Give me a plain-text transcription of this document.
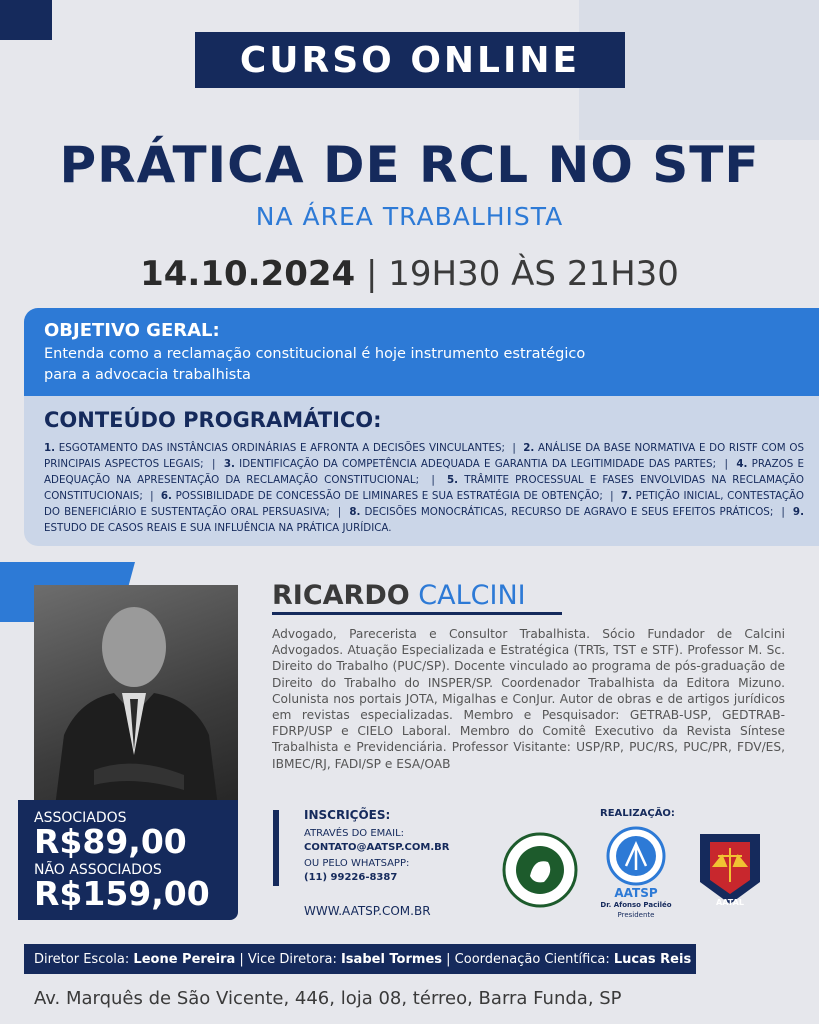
CURSO ONLINE
PRÁTICA DE RCL NO STF
NA ÁREA TRABALHISTA
14.10.2024 | 19H30 ÀS 21H30
OBJETIVO GERAL:
Entenda como a reclamação constitucional é hoje instrumento estratégico
para a advocacia trabalhista
CONTEÚDO PROGRAMÁTICO:
1. ESGOTAMENTO DAS INSTÂNCIAS ORDINÁRIAS E AFRONTA A DECISÕES VINCULANTES;  |  2. ANÁLISE DA BASE NORMATIVA E DO RISTF COM OS PRINCIPAIS ASPECTOS LEGAIS;  |  3. IDENTIFICAÇÃO DA COMPETÊNCIA ADEQUADA E GARANTIA DA LEGITIMIDADE DAS PARTES;  |  4. PRAZOS E ADEQUAÇÃO NA APRESENTAÇÃO DA RECLAMAÇÃO CONSTITUCIONAL;  |  5. TRÂMITE PROCESSUAL E FASES ENVOLVIDAS NA RECLAMAÇÃO CONSTITUCIONAIS;  |  6. POSSIBILIDADE DE CONCESSÃO DE LIMINARES E SUA ESTRATÉGIA DE OBTENÇÃO;  |  7. PETIÇÃO INICIAL, CONTESTAÇÃO DO BENEFICIÁRIO E SUSTENTAÇÃO ORAL PERSUASIVA;  |  8. DECISÕES MONOCRÁTICAS, RECURSO DE AGRAVO E SEUS EFEITOS PRÁTICOS;  |  9. ESTUDO DE CASOS REAIS E SUA INFLUÊNCIA NA PRÁTICA JURÍDICA.
ASSOCIADOS
R$89,00
NÃO ASSOCIADOS
R$159,00
RICARDO CALCINI
Advogado, Parecerista e Consultor Trabalhista. Sócio Fundador de Calcini Advogados. Atuação Especializada e Estratégica (TRTs, TST e STF). Professor M. Sc. Direito do Trabalho (PUC/SP). Docente vinculado ao programa de pós-graduação de Direito do Trabalho do INSPER/SP. Coordenador Trabalhista da Editora Mizuno. Colunista nos portais JOTA, Migalhas e ConJur. Autor de obras e de artigos jurídicos em revistas especializadas. Membro e Pesquisador: GETRAB-USP, GEDTRAB-FDRP/USP e CIELO Laboral. Membro do Comitê Executivo da Revista Síntese Trabalhista e Previdenciária. Professor Visitante: USP/RP, PUC/RS, PUC/PR, FDV/ES, IBMEC/RJ, FADI/SP e ESA/OAB
INSCRIÇÕES:
ATRAVÉS DO EMAIL:
CONTATO@AATSP.COM.BR
OU PELO WHATSAPP:
(11) 99226-8387
WWW.AATSP.COM.BR
REALIZAÇÃO:
AATSP
Dr. Afonso Paciléo
Presidente
AATAL
Diretor Escola:
Leone Pereira | Vice Diretora:
Isabel Tormes | Coordenação Científica:
Lucas Reis
Av. Marquês de São Vicente, 446, loja 08, térreo, Barra Funda, SP
